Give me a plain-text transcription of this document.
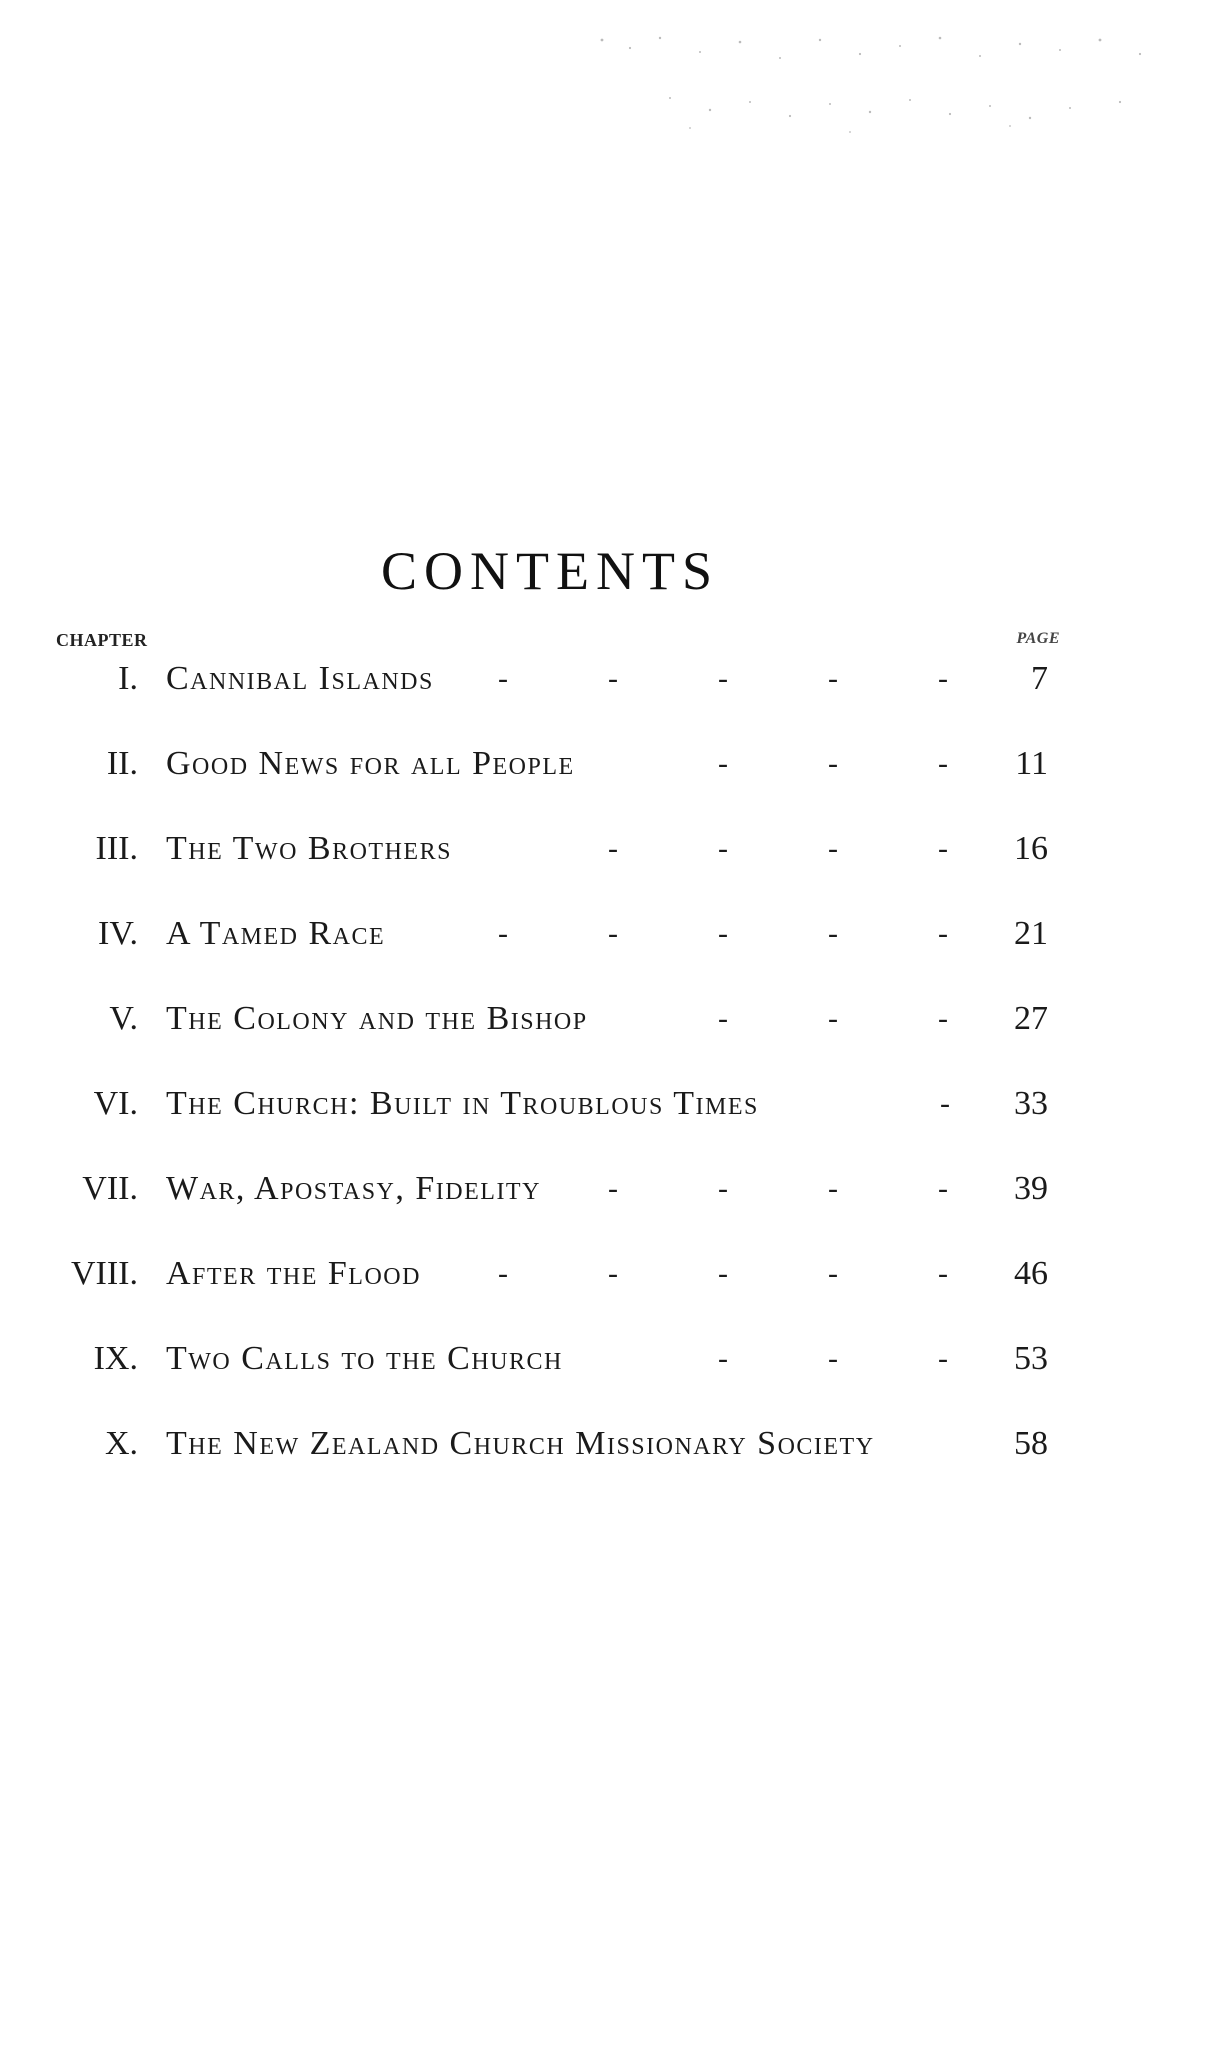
CONTENTS
CHAPTER	PAGE
I. Cannibal Islands -	-	-	-	- 7
II. Good News for all People	-	-	- 11
III. The Two Brothers	-	-	-	- 16
IV. A Tamed Race	-	-	-	-	- 21
V. The Colony and the Bishop	-	-	- 27
VI. The Church: Built in Troublous Times	- 33
VII. War, Apostasy, Fidelity -	-	-	- 39
VIII. After the Flood	-	-	-	-	- 46
IX. Two Calls to the Church	-	-	- 53
X. The New Zealand Church Missionary Society	58
